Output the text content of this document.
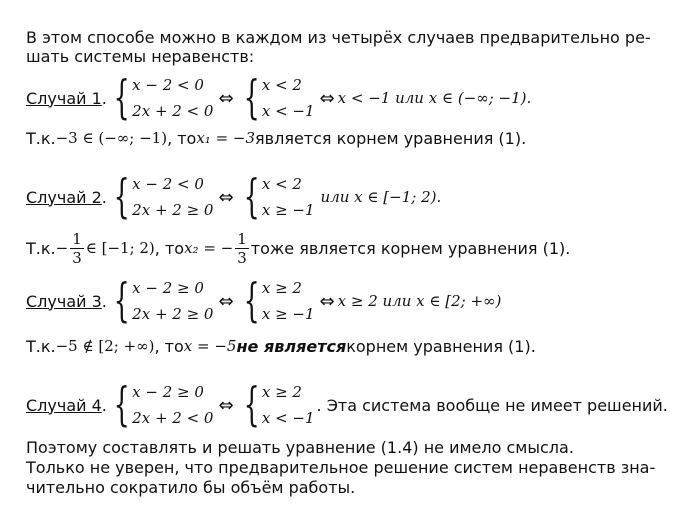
В этом способе можно в каждом из четырёх случаев предварительно ре-
шать системы неравенств:
Случай 1 . { x − 2 < 0
2x + 2 < 0
⇔ { x < 2
x < −1
⇔ x < −1 или x ∈ (−∞; −1).
Т.к. −3 ∈ (−∞; −1) , то x₁ = −3 является корнем уравнения (1).
Случай 2 . { x − 2 < 0
2x + 2 ≥ 0
⇔ { x < 2
x ≥ −1
или x ∈ [−1; 2).
Т.к. − $\frac{1}{3}$ ∈ [−1; 2) , то x₂ = − $\frac{1}{3}$ тоже является корнем уравнения (1).
Случай 3 . { x − 2 ≥ 0
2x + 2 ≥ 0
⇔ { x ≥ 2
x ≥ −1
⇔ x ≥ 2 или x ∈ [2; +∞)
Т.к. −5 ∉ [2; +∞) , то x = −5 не является корнем уравнения (1).
Случай 4 . { x − 2 ≥ 0
2x + 2 < 0
⇔ { x ≥ 2
x < −1
. Эта система вообще не имеет решений.
Поэтому составлять и решать уравнение (1.4) не имело смысла.
Только не уверен, что предварительное решение систем неравенств зна-
чительно сократило бы объём работы.
